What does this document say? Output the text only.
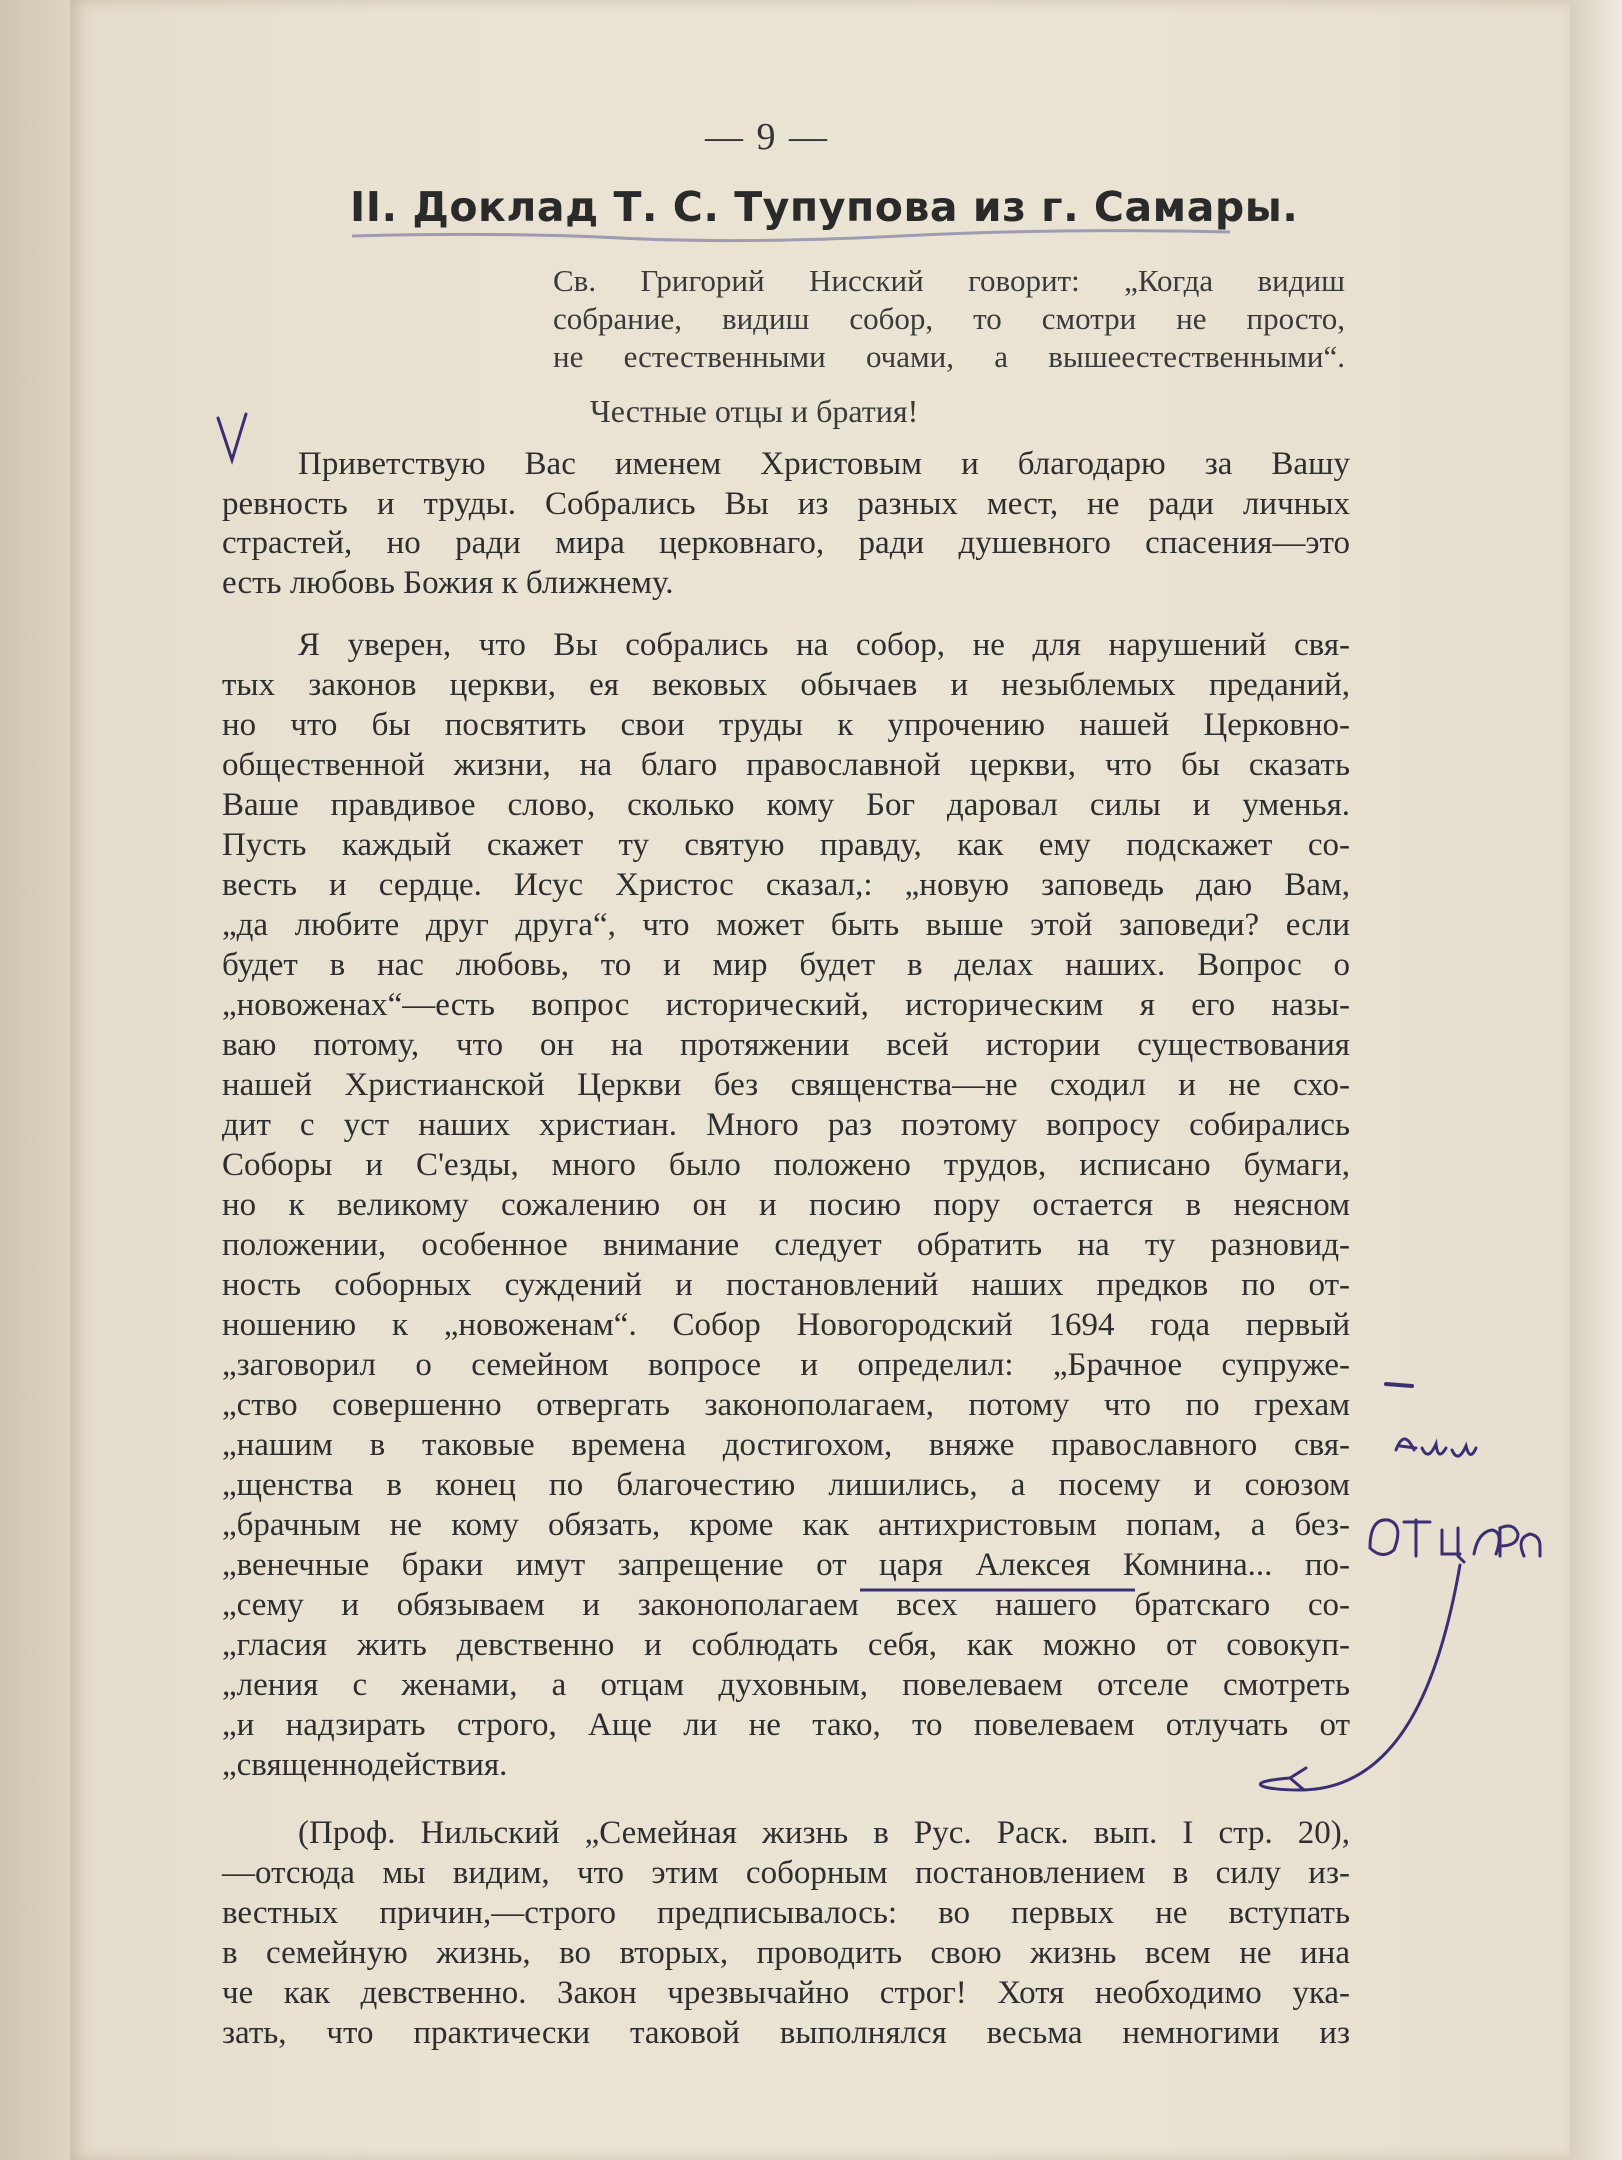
— 9 —
II. Доклад Т. С. Тупупова из г. Самары.
Св. Григорий Нисский говорит: „Когда видиш
собрание, видиш собор, то смотри не просто,
не естественными очами, а вышеестественными“.
Честные отцы и братия!
Приветствую Вас именем Христовым и благодарю за Вашу
ревность и труды. Собрались Вы из разных мест, не ради личных
страстей, но ради мира церковнаго, ради душевного спасения—это
есть любовь Божия к ближнему.
Я уверен, что Вы собрались на собор, не для нарушений свя-
тых законов церкви, ея вековых обычаев и незыблемых преданий,
но что бы посвятить свои труды к упрочению нашей Церковно-
общественной жизни, на благо православной церкви, что бы сказать
Ваше правдивое слово, сколько кому Бог даровал силы и уменья.
Пусть каждый скажет ту святую правду, как ему подскажет со-
весть и сердце. Исус Христос сказал,: „новую заповедь даю Вам,
„да любите друг друга“, что может быть выше этой заповеди? если
будет в нас любовь, то и мир будет в делах наших. Вопрос о
„новоженах“—есть вопрос исторический, историческим я его назы-
ваю потому, что он на протяжении всей истории существования
нашей Христианской Церкви без священства—не сходил и не схо-
дит с уст наших христиан. Много раз поэтому вопросу собирались
Соборы и С'езды, много было положено трудов, исписано бумаги,
но к великому сожалению он и посию пору остается в неясном
положении, особенное внимание следует обратить на ту разновид-
ность соборных суждений и постановлений наших предков по от-
ношению к „новоженам“. Собор Новогородский 1694 года первый
„заговорил о семейном вопросе и определил: „Брачное супруже-
„ство совершенно отвергать законополагаем, потому что по грехам
„нашим в таковые времена достигохом, вняже православного свя-
„щенства в конец по благочестию лишились, а посему и союзом
„брачным не кому обязать, кроме как антихристовым попам, а без-
„венечные браки имут запрещение от царя Алексея Комнина... по-
„сему и обязываем и законополагаем всех нашего братскаго со-
„гласия жить девственно и соблюдать себя, как можно от совокуп-
„ления с женами, а отцам духовным, повелеваем отселе смотреть
„и надзирать строго, Аще ли не тако, то повелеваем отлучать от
„священнодействия.
(Проф. Нильский „Семейная жизнь в Рус. Раск. вып. I стр. 20),
—отсюда мы видим, что этим соборным постановлением в силу из-
вестных причин,—строго предписывалось: во первых не вступать
в семейную жизнь, во вторых, проводить свою жизнь всем не ина
че как девственно. Закон чрезвычайно строг! Хотя необходимо ука-
зать, что практически таковой выполнялся весьма немногими из
